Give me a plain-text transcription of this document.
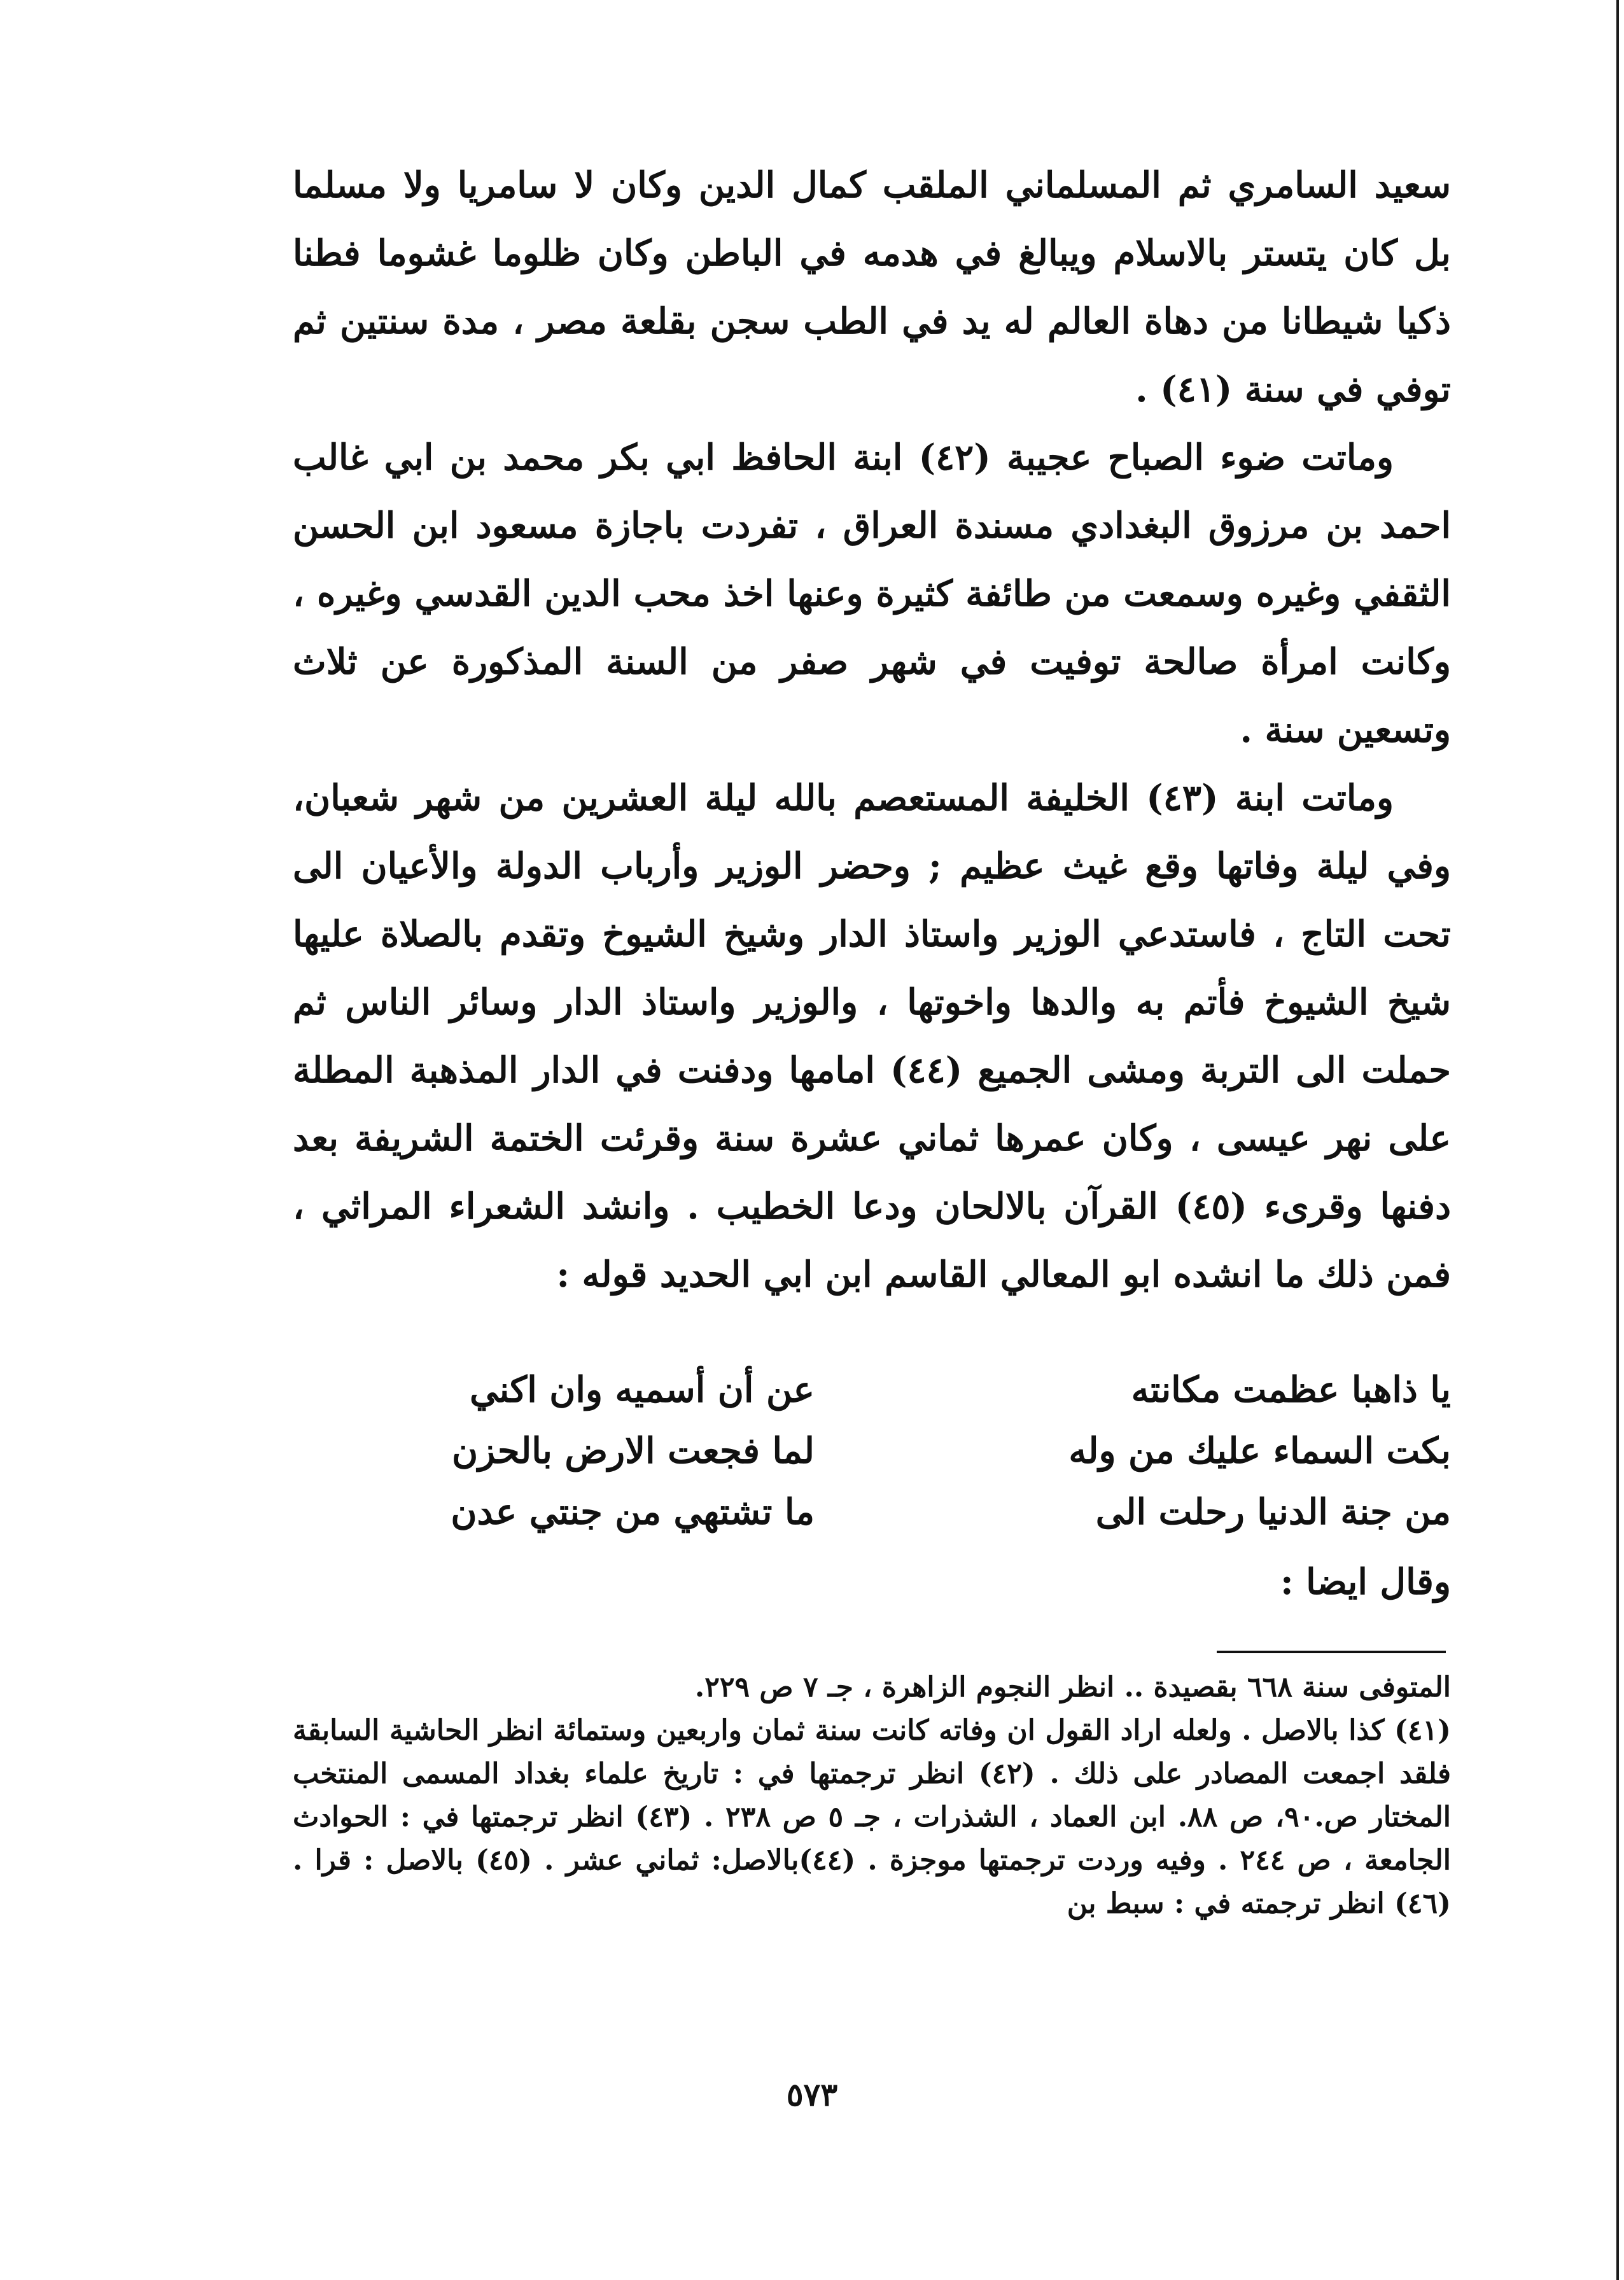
سعيد السامري ثم المسلماني الملقب كمال الدين وكان لا سامريا ولا مسلما بل كان يتستر بالاسلام ويبالغ في هدمه في الباطن وكان ظلوما غشوما فطنا ذكيا شيطانا من دهاة العالم له يد في الطب سجن بقلعة مصر ، مدة سنتين ثم توفي في سنة (٤١) .

وماتت ضوء الصباح عجيبة (٤٢) ابنة الحافظ ابي بكر محمد بن ابي غالب احمد بن مرزوق البغدادي مسندة العراق ، تفردت باجازة مسعود ابن الحسن الثقفي وغيره وسمعت من طائفة كثيرة وعنها اخذ محب الدين القدسي وغيره ، وكانت امرأة صالحة توفيت في شهر صفر من السنة المذكورة عن ثلاث وتسعين سنة .

وماتت ابنة (٤٣) الخليفة المستعصم بالله ليلة العشرين من شهر شعبان، وفي ليلة وفاتها وقع غيث عظيم ; وحضر الوزير وأرباب الدولة والأعيان الى تحت التاج ، فاستدعي الوزير واستاذ الدار وشيخ الشيوخ وتقدم بالصلاة عليها شيخ الشيوخ فأتم به والدها واخوتها ، والوزير واستاذ الدار وسائر الناس ثم حملت الى التربة ومشى الجميع (٤٤) امامها ودفنت في الدار المذهبة المطلة على نهر عيسى ، وكان عمرها ثماني عشرة سنة وقرئت الختمة الشريفة بعد دفنها وقرىء (٤٥) القرآن بالالحان ودعا الخطيب . وانشد الشعراء المراثي ، فمن ذلك ما انشده ابو المعالي القاسم ابن ابي الحديد قوله :

يا ذاهبا عظمت مكانته
عن أن أسميه وان اكني
بكت السماء عليك من وله
لما فجعت الارض بالحزن
من جنة الدنيا رحلت الى
ما تشتهي من جنتي عدن
وقال ايضا :

المتوفى سنة ٦٦٨ بقصيدة .. انظر النجوم الزاهرة ، جـ ٧ ص ٢٢٩.

(٤١) كذا بالاصل . ولعله اراد القول ان وفاته كانت سنة ثمان واربعين وستمائة انظر الحاشية السابقة فلقد اجمعت المصادر على ذلك . (٤٢) انظر ترجمتها في : تاريخ علماء بغداد المسمى المنتخب المختار ص.٩٠، ص ٨٨. ابن العماد ، الشذرات ، جـ ٥ ص ٢٣٨ . (٤٣) انظر ترجمتها في : الحوادث الجامعة ، ص ٢٤٤ . وفيه وردت ترجمتها موجزة . (٤٤)بالاصل: ثماني عشر . (٤٥) بالاصل : قرا . (٤٦) انظر ترجمته في : سبط بن

٥٧٣
